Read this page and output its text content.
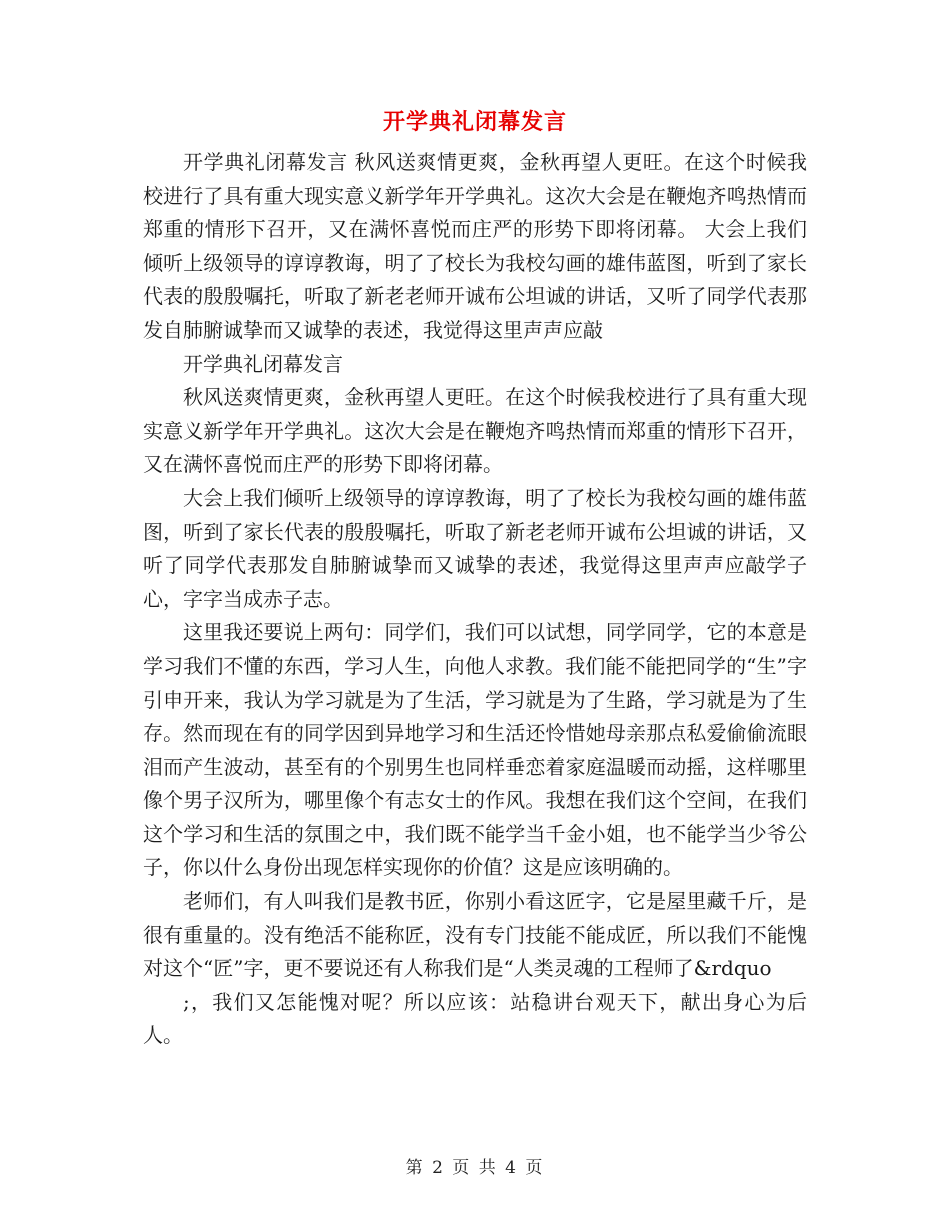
开学典礼闭幕发言

开学典礼闭幕发言 秋风送爽情更爽，金秋再望人更旺。在这个时候我校进行了具有重大现实意义新学年开学典礼。这次大会是在鞭炮齐鸣热情而郑重的情形下召开，又在满怀喜悦而庄严的形势下即将闭幕。 大会上我们倾听上级领导的谆谆教诲，明了了校长为我校勾画的雄伟蓝图，听到了家长代表的殷殷嘱托，听取了新老老师开诚布公坦诚的讲话，又听了同学代表那发自肺腑诚挚而又诚挚的表述，我觉得这里声声应敲

开学典礼闭幕发言

秋风送爽情更爽，金秋再望人更旺。在这个时候我校进行了具有重大现实意义新学年开学典礼。这次大会是在鞭炮齐鸣热情而郑重的情形下召开，又在满怀喜悦而庄严的形势下即将闭幕。

大会上我们倾听上级领导的谆谆教诲，明了了校长为我校勾画的雄伟蓝图，听到了家长代表的殷殷嘱托，听取了新老老师开诚布公坦诚的讲话，又听了同学代表那发自肺腑诚挚而又诚挚的表述，我觉得这里声声应敲学子心，字字当成赤子志。

这里我还要说上两句：同学们，我们可以试想，同学同学，它的本意是学习我们不懂的东西，学习人生，向他人求教。我们能不能把同学的“生”字引申开来，我认为学习就是为了生活，学习就是为了生路，学习就是为了生存。然而现在有的同学因到异地学习和生活还怜惜她母亲那点私爱偷偷流眼泪而产生波动，甚至有的个别男生也同样垂恋着家庭温暖而动摇，这样哪里像个男子汉所为，哪里像个有志女士的作风。我想在我们这个空间，在我们这个学习和生活的氛围之中，我们既不能学当千金小姐，也不能学当少爷公子，你以什么身份出现怎样实现你的价值？这是应该明确的。

老师们，有人叫我们是教书匠，你别小看这匠字，它是屋里藏千斤，是很有重量的。没有绝活不能称匠，没有专门技能不能成匠，所以我们不能愧对这个“匠”字，更不要说还有人称我们是“人类灵魂的工程师了&rdquo

;，我们又怎能愧对呢？所以应该：站稳讲台观天下，献出身心为后人。

第 2 页 共 4 页
